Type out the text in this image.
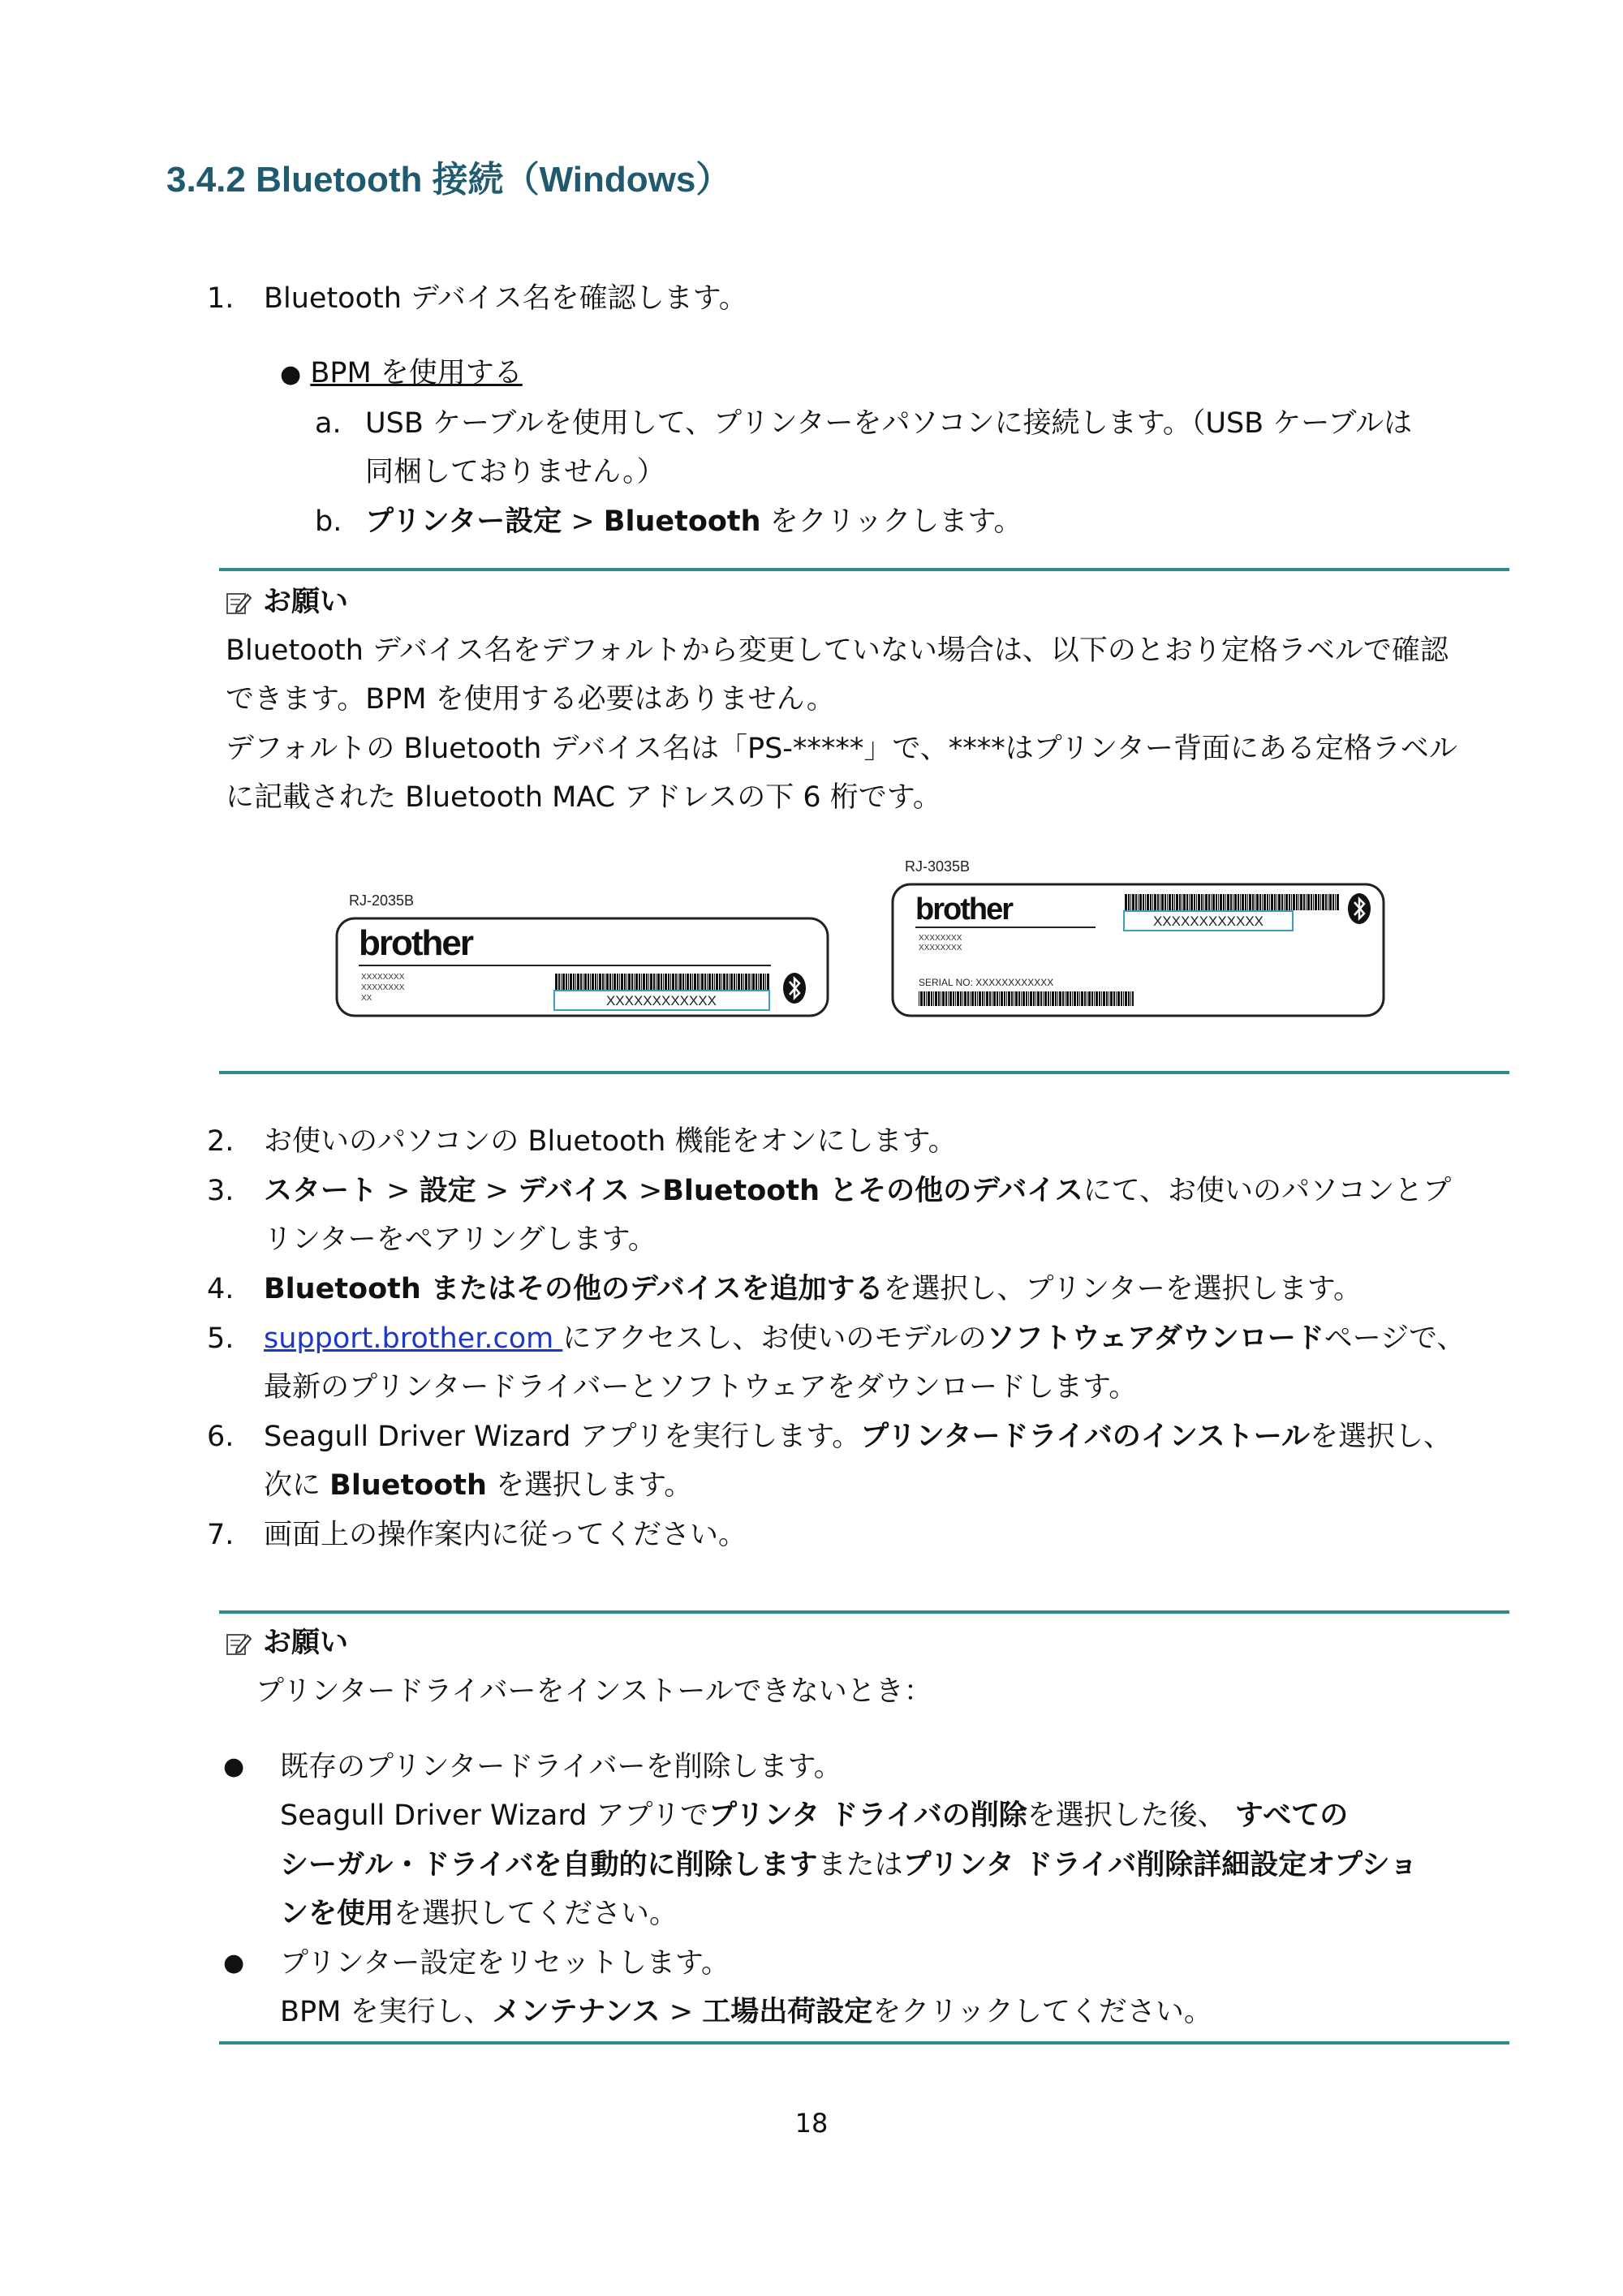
3.4.2 Bluetooth 接続（Windows）
1. Bluetooth デバイス名を確認します。
● BPM を使用する
a. USB ケーブルを使用して、プリンターをパソコンに接続します。（USB ケーブルは
同梱しておりません。）
b. プリンター設定 > Bluetooth をクリックします。
お願い
Bluetooth デバイス名をデフォルトから変更していない場合は、以下のとおり定格ラベルで確認
できます。BPM を使用する必要はありません。
デフォルトの Bluetooth デバイス名は「PS-*****」で、****はプリンター背面にある定格ラベル
に記載された Bluetooth MAC アドレスの下 6 桁です。
RJ-2035B
brother
XXXXXXXX
XXXXXXXX
XX	XXXXXXXXXXXX
RJ-3035B
brother
XXXXXXXX
XXXXXXXX
XXXXXXXXXXXX
SERIAL NO: XXXXXXXXXXXX
2. お使いのパソコンの Bluetooth 機能をオンにします。
3. スタート > 設定 > デバイス >Bluetooth とその他のデバイスにて、お使いのパソコンとプ
リンターをペアリングします。
4. Bluetooth またはその他のデバイスを追加するを選択し、プリンターを選択します。
5. support.brother.com にアクセスし、お使いのモデルのソフトウェアダウンロードページで、
最新のプリンタードライバーとソフトウェアをダウンロードします。
6. Seagull Driver Wizard アプリを実行します。プリンタードライバのインストールを選択し、
次に Bluetooth を選択します。
7. 画面上の操作案内に従ってください。
お願い
プリンタードライバーをインストールできないとき：
● 既存のプリンタードライバーを削除します。
Seagull Driver Wizard アプリでプリンタ ドライバの削除を選択した後、 すべての
シーガル・ドライバを自動的に削除しますまたはプリンタ ドライバ削除詳細設定オプショ
ンを使用を選択してください。
● プリンター設定をリセットします。
BPM を実行し、メンテナンス > 工場出荷設定をクリックしてください。
18
